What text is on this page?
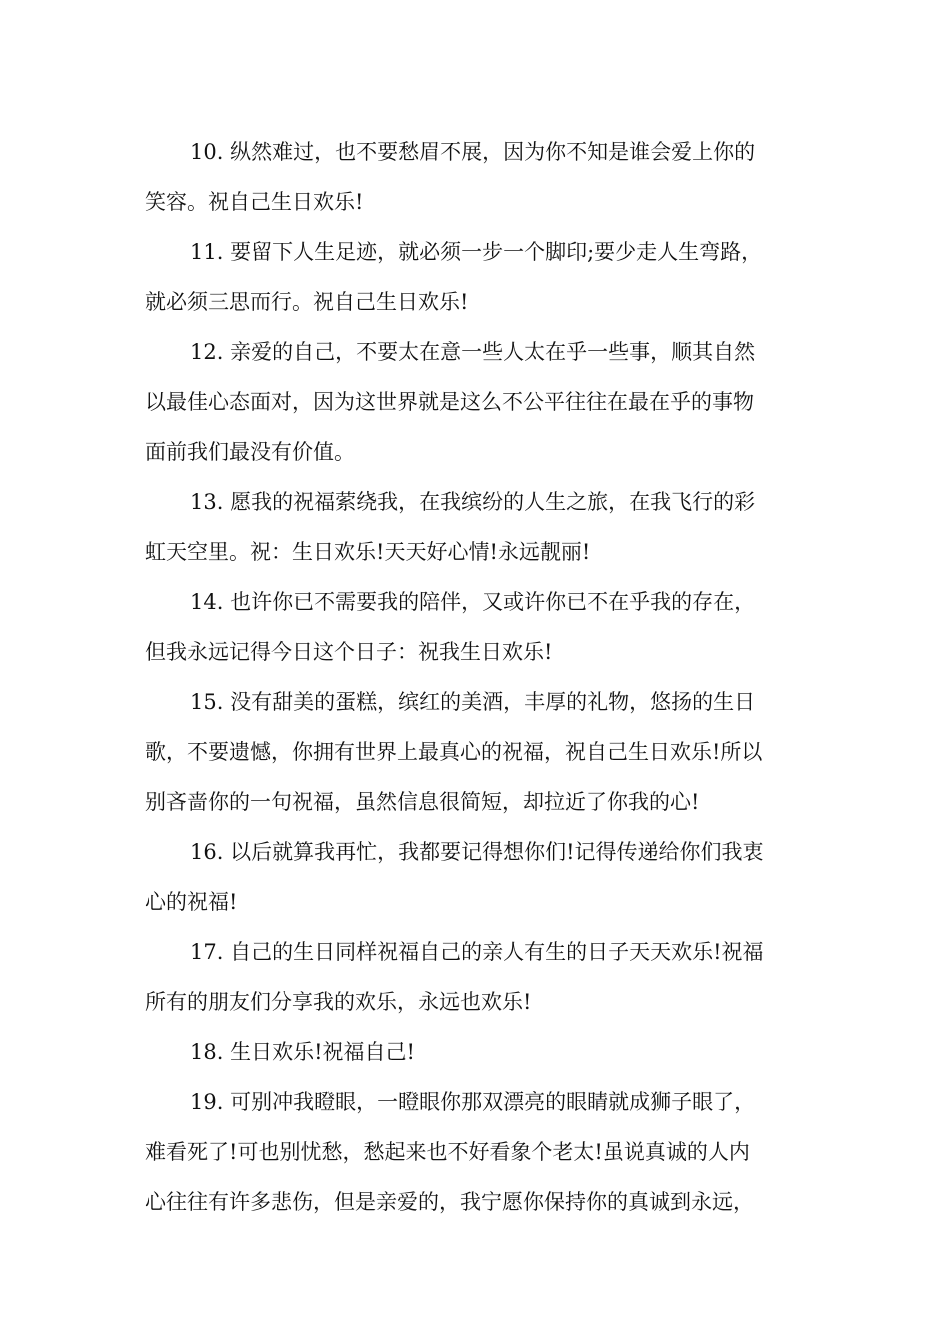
10. 纵然难过，也不要愁眉不展，因为你不知是谁会爱上你的
笑容。祝自己生日欢乐!
11. 要留下人生足迹，就必须一步一个脚印;要少走人生弯路，
就必须三思而行。祝自己生日欢乐!
12. 亲爱的自己，不要太在意一些人太在乎一些事，顺其自然
以最佳心态面对，因为这世界就是这么不公平往往在最在乎的事物
面前我们最没有价值。
13. 愿我的祝福萦绕我，在我缤纷的人生之旅，在我飞行的彩
虹天空里。祝：生日欢乐!天天好心情!永远靓丽!
14. 也许你已不需要我的陪伴，又或许你已不在乎我的存在，
但我永远记得今日这个日子：祝我生日欢乐!
15. 没有甜美的蛋糕，缤红的美酒，丰厚的礼物，悠扬的生日
歌，不要遗憾，你拥有世界上最真心的祝福，祝自己生日欢乐!所以
别吝啬你的一句祝福，虽然信息很简短，却拉近了你我的心!
16. 以后就算我再忙，我都要记得想你们!记得传递给你们我衷
心的祝福!
17. 自己的生日同样祝福自己的亲人有生的日子天天欢乐!祝福
所有的朋友们分享我的欢乐，永远也欢乐!
18. 生日欢乐!祝福自己!
19. 可别冲我瞪眼，一瞪眼你那双漂亮的眼睛就成狮子眼了，
难看死了!可也别忧愁，愁起来也不好看象个老太!虽说真诚的人内
心往往有许多悲伤，但是亲爱的，我宁愿你保持你的真诚到永远，
